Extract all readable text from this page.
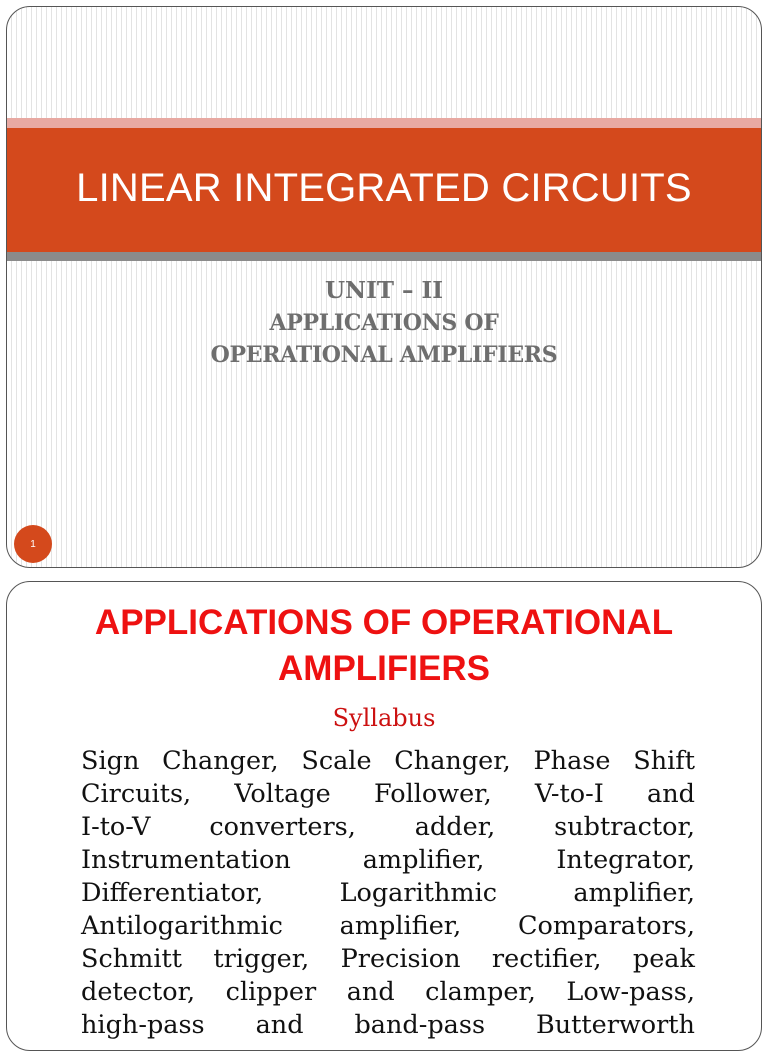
LINEAR INTEGRATED CIRCUITS
UNIT – II
APPLICATIONS OF
OPERATIONAL AMPLIFIERS
1
APPLICATIONS OF OPERATIONAL
AMPLIFIERS
Syllabus
Sign Changer, Scale Changer, Phase Shift
Circuits, Voltage Follower, V-to-I and
I-to-V converters, adder, subtractor,
Instrumentation	amplifier,	Integrator,
Differentiator,	Logarithmic	amplifier,
Antilogarithmic amplifier, Comparators,
Schmitt trigger, Precision rectifier, peak
detector, clipper and clamper, Low-pass,
high-pass and band-pass Butterworth
